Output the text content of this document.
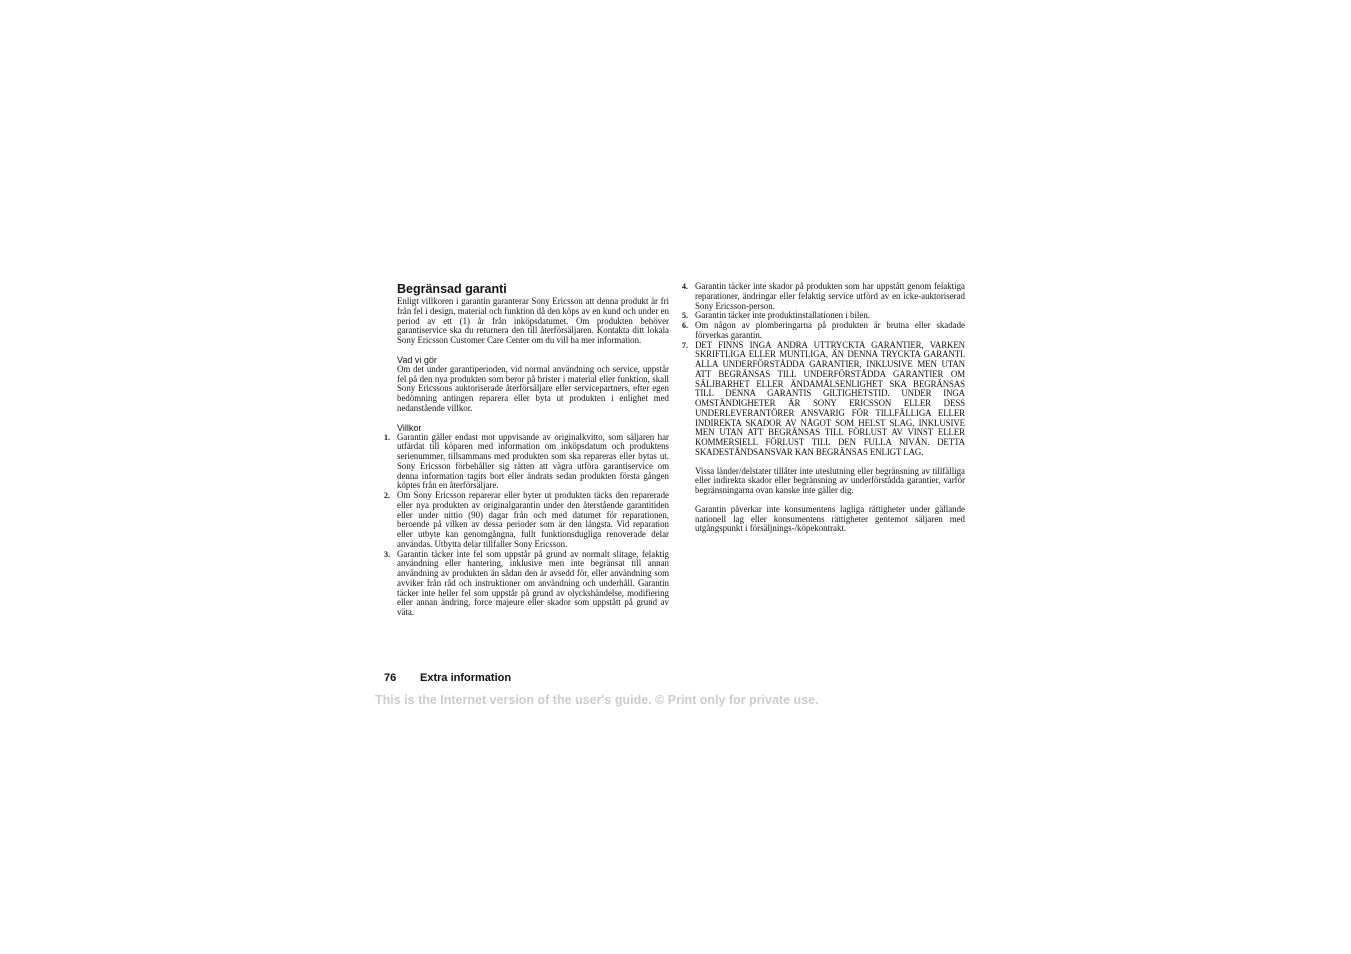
Begränsad garanti

Enligt villkoren i garantin garanterar Sony Ericsson att denna produkt är fri från fel i design, material och funktion då den köps av en kund och under en period av ett (1) år från inköpsdatumet. Om produkten behöver garantiservice ska du returnera den till återförsäljaren. Kontakta ditt lokala Sony Ericsson Customer Care Center om du vill ha mer information.

Vad vi gör

Om det under garantiperioden, vid normal användning och service, uppstår fel på den nya produkten som beror på brister i material eller funktion, skall Sony Ericssons auktoriserade återförsäljare eller servicepartners, efter egen bedömning antingen reparera eller byta ut produkten i enlighet med nedanstående villkor.

Villkor

1. Garantin gäller endast mot uppvisande av originalkvitto, som säljaren har utfärdat till köparen med information om inköpsdatum och produktens serienummer, tillsammans med produkten som ska repareras eller bytas ut. Sony Ericsson förbehåller sig rätten att vägra utföra garantiservice om denna information tagits bort eller ändrats sedan produkten första gången köptes från en återförsäljare.

2. Om Sony Ericsson reparerar eller byter ut produkten täcks den reparerade eller nya produkten av originalgarantin under den återstående garantitiden eller under nittio (90) dagar från och med datumet för reparationen, beroende på vilken av dessa perioder som är den längsta. Vid reparation eller utbyte kan genomgångna, fullt funktionsdugliga renoverade delar användas. Utbytta delar tillfaller Sony Ericsson.

3. Garantin täcker inte fel som uppstår på grund av normalt slitage, felaktig användning eller hantering, inklusive men inte begränsat till annan användning av produkten än sådan den är avsedd för, eller användning som avviker från råd och instruktioner om användning och underhåll. Garantin täcker inte heller fel som uppstår på grund av olyckshändelse, modifiering eller annan ändring, force majeure eller skador som uppstått på grund av väta.

4. Garantin täcker inte skador på produkten som har uppstått genom felaktiga reparationer, ändringar eller felaktig service utförd av en icke-auktoriserad Sony Ericsson-person.

5. Garantin täcker inte produktinstallationen i bilen.

6. Om någon av plomberingarna på produkten är brutna eller skadade förverkas garantin.

7. DET FINNS INGA ANDRA UTTRYCKTA GARANTIER, VARKEN SKRIFTLIGA ELLER MUNTLIGA, ÄN DENNA TRYCKTA GARANTI. ALLA UNDERFÖRSTÅDDA GARANTIER, INKLUSIVE MEN UTAN ATT BEGRÄNSAS TILL UNDERFÖRSTÅDDA GARANTIER OM SÄLJBARHET ELLER ÄNDAMÅLSENLIGHET SKA BEGRÄNSAS TILL DENNA GARANTIS GILTIGHETSTID. UNDER INGA OMSTÄNDIGHETER ÄR SONY ERICSSON ELLER DESS UNDERLEVERANTÖRER ANSVARIG FÖR TILLFÄLLIGA ELLER INDIREKTA SKADOR AV NÅGOT SOM HELST SLAG, INKLUSIVE MEN UTAN ATT BEGRÄNSAS TILL FÖRLUST AV VINST ELLER KOMMERSIELL FÖRLUST TILL DEN FULLA NIVÅN. DETTA SKADESTÅNDSANSVAR KAN BEGRÄNSAS ENLIGT LAG.

Vissa länder/delstater tillåter inte uteslutning eller begränsning av tillfälliga eller indirekta skador eller begränsning av underförstådda garantier, varför begränsningarna ovan kanske inte gäller dig.

Garantin påverkar inte konsumentens lagliga rättigheter under gällande nationell lag eller konsumentens rättigheter gentemot säljaren med utgångspunkt i försäljnings-/köpekontrakt.

76 Extra information
This is the Internet version of the user's guide. © Print only for private use.
